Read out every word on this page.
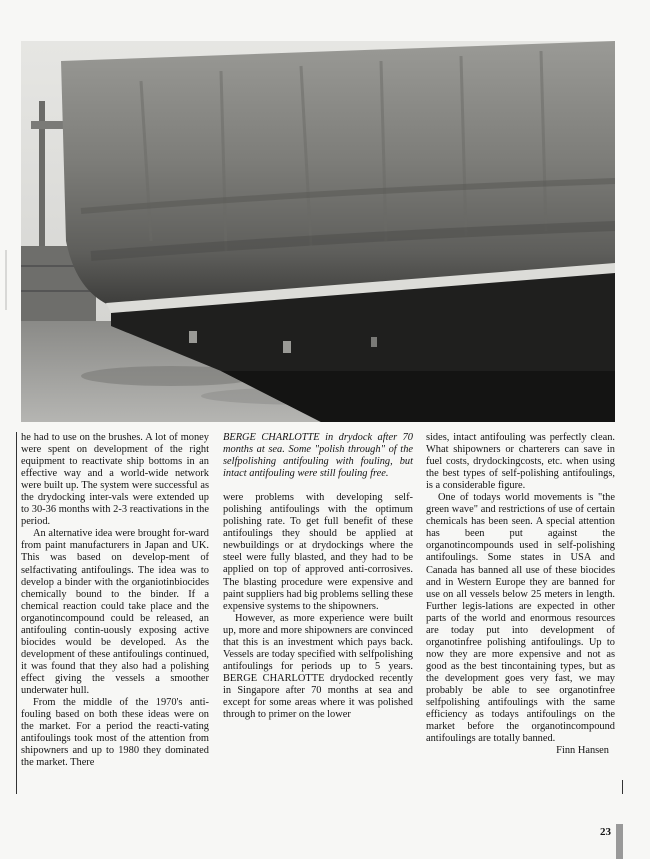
he had to use on the brushes. A lot of money were spent on development of the right equipment to reactivate ship bottoms in an effective way and a world-wide network were built up. The system were successful as the drydocking inter-vals were extended up to 30-36 months with 2-3 reactivations in the period.

An alternative idea were brought for-ward from paint manufacturers in Japan and UK. This was based on develop-ment of selfactivating antifoulings. The idea was to develop a binder with the organiotinbiocides chemically bound to the binder. If a chemical reaction could take place and the organotincompound could be released, an antifouling contin-uously exposing active biocides would be developed. As the development of these antifoulings continued, it was found that they also had a polishing effect giving the vessels a smoother underwater hull.

From the middle of the 1970's anti-fouling based on both these ideas were on the market. For a period the reacti-vating antifoulings took most of the attention from shipowners and up to 1980 they dominated the market. There

BERGE CHARLOTTE in drydock after 70 months at sea. Some "polish through" of the selfpolishing antifouling with fouling, but intact antifouling were still fouling free.

were problems with developing self-polishing antifoulings with the optimum polishing rate. To get full benefit of these antifoulings they should be applied at newbuildings or at drydockings where the steel were fully blasted, and they had to be applied on top of approved anti-corrosives. The blasting procedure were expensive and paint suppliers had big problems selling these expensive systems to the shipowners.

However, as more experience were built up, more and more shipowners are convinced that this is an investment which pays back. Vessels are today specified with selfpolishing antifoulings for periods up to 5 years. BERGE CHARLOTTE drydocked recently in Singapore after 70 months at sea and except for some areas where it was polished through to primer on the lower

sides, intact antifouling was perfectly clean. What shipowners or charterers can save in fuel costs, drydockingcosts, etc. when using the best types of self-polishing antifoulings, is a considerable figure.

One of todays world movements is "the green wave" and restrictions of use of certain chemicals has been seen. A special attention has been put against the organotincompounds used in self-polishing antifoulings. Some states in USA and Canada has banned all use of these biocides and in Western Europe they are banned for use on all vessels below 25 meters in length. Further legis-lations are expected in other parts of the world and enormous resources are today put into development of organotinfree polishing antifoulings. Up to now they are more expensive and not as good as the best tincontaining types, but as the development goes very fast, we may probably be able to see organotinfree selfpolishing antifoulings with the same efficiency as todays antifoulings on the market before the organotincompound antifoulings are totally banned.

Finn Hansen

23
